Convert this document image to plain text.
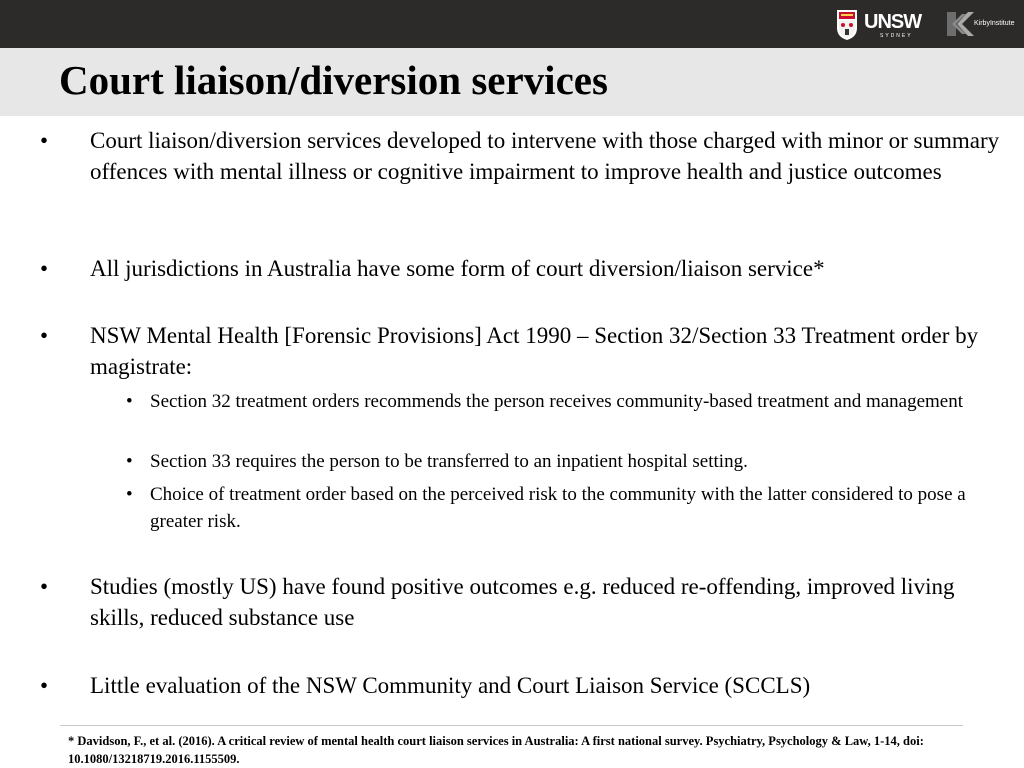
UNSW
SYDNEY
KirbyInstitute
Court liaison/diversion services
• Court liaison/diversion services developed to intervene with those charged with minor or summary offences with mental illness or cognitive impairment to improve health and justice outcomes
• All jurisdictions in Australia have some form of court diversion/liaison service*
• NSW Mental Health [Forensic Provisions] Act 1990 – Section 32/Section 33 Treatment order by magistrate:
• Section 32 treatment orders recommends the person receives community-based treatment and management
• Section 33 requires the person to be transferred to an inpatient hospital setting.
• Choice of treatment order based on the perceived risk to the community with the latter considered to pose a greater risk.
• Studies (mostly US) have found positive outcomes e.g. reduced re-offending, improved living skills, reduced substance use
• Little evaluation of the NSW Community and Court Liaison Service (SCCLS)
* Davidson, F., et al. (2016). A critical review of mental health court liaison services in Australia: A first national survey. Psychiatry, Psychology & Law, 1-14, doi: 10.1080/13218719.2016.1155509.
